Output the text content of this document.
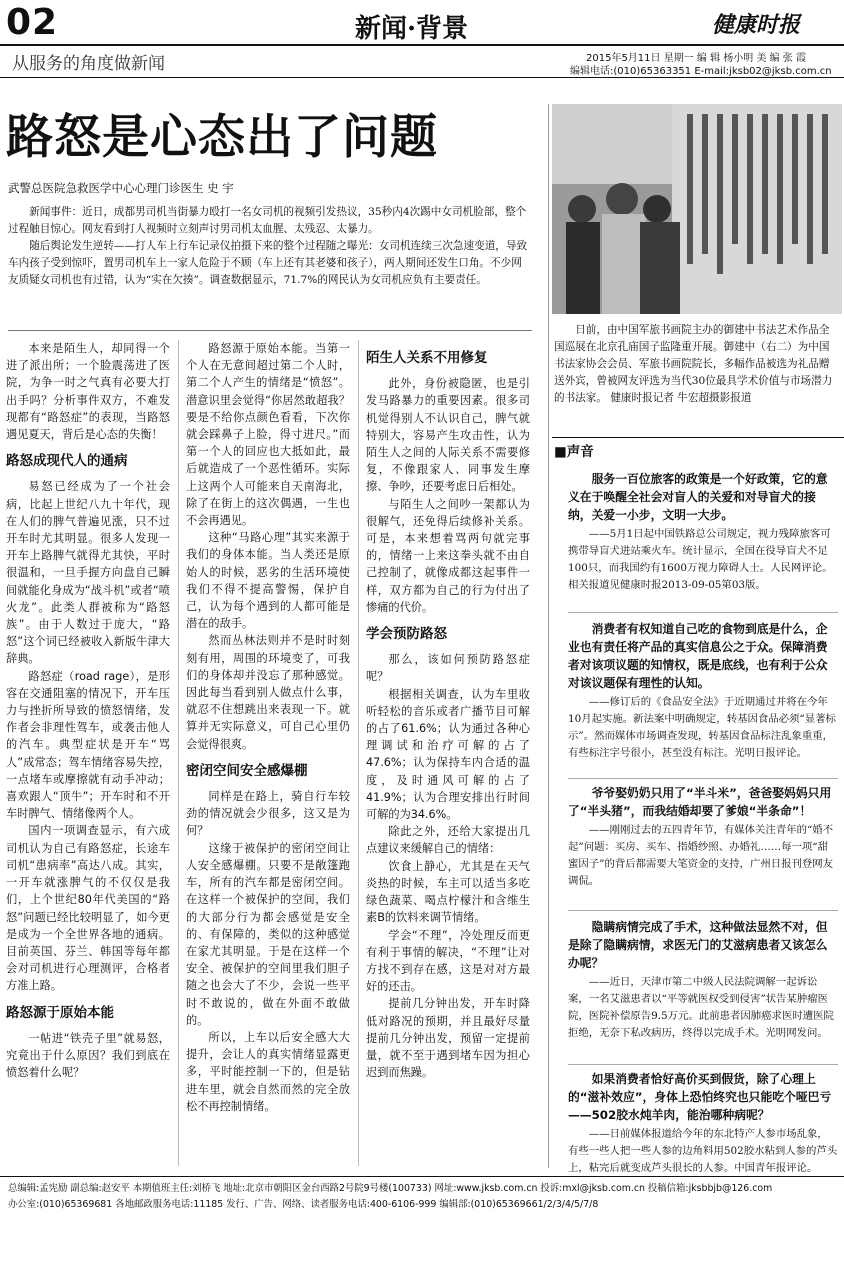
02	新闻·背景	健康时报
从服务的角度做新闻	2015年5月11日 星期一 编 辑 杨小明 美 编 张 霞
编辑电话:(010)65363351 E-mail:jksb02@jksb.com.cn
路怒是心态出了问题
武警总医院急救医学中心心理门诊医生 史 宇

新闻事件：近日，成都男司机当街暴力殴打一名女司机的视频引发热议，35秒内4次踢中女司机脸部，整个过程触目惊心。网友看到打人视频时立刻声讨男司机太血腥、太残忍、太暴力。

随后舆论发生逆转——打人车上行车记录仪拍摄下来的整个过程随之曝光：女司机连续三次急速变道，导致车内孩子受到惊吓，置男司机车上一家人危险于不顾（车上还有其老婆和孩子），两人期间还发生口角。不少网友质疑女司机也有过错，认为“实在欠揍”。调查数据显示，71.7%的网民认为女司机应负有主要责任。

本来是陌生人，却同得一个进了派出所；一个脸震荡进了医院，为争一时之气真有必要大打出手吗？分析事件双方，不难发现都有“路怒症”的表现，当路怒遇见夏天，背后是心态的失衡！

路怒成现代人的通病

易怒已经成为了一个社会病，比起上世纪八九十年代，现在人们的脾气普遍见涨，只不过开车时尤其明显。很多人发现一开车上路脾气就得尤其快，平时很温和，一旦手握方向盘自己瞬间就能化身成为“战斗机”或者“喷火龙”。此类人群被称为“路怒族”。由于人数过于庞大，“路怒”这个词已经被收入新版牛津大辞典。

路怒症（road rage），是形容在交通阻塞的情况下，开车压力与挫折所导致的愤怒情绪，发作者会非理性驾车，或袭击他人的汽车。典型症状是开车“骂人”成常态；驾车情绪容易失控，一点堵车或摩擦就有动手冲动；喜欢跟人“顶牛”；开车时和不开车时脾气、情绪像两个人。

国内一项调查显示，有六成司机认为自己有路怒症，长途车司机“患病率”高达八成。其实，一开车就涨脾气的不仅仅是我们，上个世纪80年代美国的“路怒”问题已经比较明显了，如今更是成为一个全世界各地的通病。目前英国、芬兰、韩国等每年都会对司机进行心理测评，合格者方准上路。

路怒源于原始本能

一帖进“铁壳子里”就易怒，究竟出于什么原因？我们到底在愤怒着什么呢？

路怒源于原始本能。当第一个人在无意间超过第二个人时，第二个人产生的情绪是“愤怒”。潜意识里会觉得“你居然敢超我？要是不给你点颜色看看，下次你就会踩鼻子上脸，得寸进尺。”而第一个人的回应也大抵如此，最后就造成了一个恶性循环。实际上这两个人可能来自天南海北，除了在街上的这次偶遇，一生也不会再遇见。

这种“马路心理”其实来源于我们的身体本能。当人类还是原始人的时候，恶劣的生活环境使我们不得不提高警惕，保护自己，认为每个遇到的人都可能是潜在的敌手。

然而丛林法则并不是时时刻刻有用，周围的环境变了，可我们的身体却并没忘了那种感觉。因此每当看到别人做点什么事，就忍不住想跳出来表现一下。就算并无实际意义，可自己心里仍会觉得很爽。

密闭空间安全感爆棚

同样是在路上，骑自行车较劲的情况就会少很多，这又是为何？

这缘于被保护的密闭空间让人安全感爆棚。只要不是敞篷跑车，所有的汽车都是密闭空间。在这样一个被保护的空间，我们的大部分行为都会感觉是安全的、有保障的，类似的这种感觉在家尤其明显。于是在这样一个安全、被保护的空间里我们胆子随之也会大了不少，会说一些平时不敢说的，做在外面不敢做的。

所以，上车以后安全感大大提升，会让人的真实情绪显露更多，平时能控制一下的，但是钻进车里，就会自然而然的完全放松不再控制情绪。

陌生人关系不用修复

此外，身份被隐匿，也是引发马路暴力的重要因素。很多司机觉得别人不认识自己，脾气就特别大，容易产生攻击性，认为陌生人之间的人际关系不需要修复，不像跟家人、同事发生摩擦、争吵，还要考虑日后相处。

与陌生人之间吵一架都认为很解气，还免得后续修补关系。可是，本来想着骂两句就完事的，情绪一上来这拳头就不由自己控制了，就像成都这起事件一样，双方都为自己的行为付出了惨痛的代价。

学会预防路怒

那么，该如何预防路怒症呢？

根据相关调查，认为车里收听轻松的音乐或者广播节目可解的占了61.6%；认为通过各种心理调试和治疗可解的占了47.6%；认为保持车内合适的温度，及时通风可解的占了41.9%；认为合理安排出行时间可解的为34.6%。

除此之外，还给大家提出几点建议来缓解自己的情绪：

饮食上静心，尤其是在天气炎热的时候，车主可以适当多吃绿色蔬菜、喝点柠檬汁和含维生素B的饮料来调节情绪。

学会“不理”，冷处理反而更有利于事情的解决，“不理”让对方找不到存在感，这是对对方最好的还击。

提前几分钟出发，开车时降低对路况的预期，并且最好尽量提前几分钟出发，预留一定提前量，就不至于遇到堵车因为担心迟到而焦躁。

日前，由中国军旅书画院主办的御建中书法艺术作品全国巡展在北京孔庙国子监隆重开展。御建中（右二）为中国书法家协会会员、军旅书画院院长，多幅作品被选为礼品赠送外宾，曾被网友评选为当代30位最具学术价值与市场潜力的书法家。 健康时报记者 牛宏超摄影报道
■声音

服务一百位旅客的政策是一个好政策，它的意义在于唤醒全社会对盲人的关爱和对导盲犬的接纳，关爱一小步，文明一大步。

——5月1日起中国铁路总公司规定，视力残障旅客可携带导盲犬进站乘火车。统计显示，全国在役导盲犬不足100只，而我国约有1600万视力障碍人士。人民网评论。相关报道见健康时报2013-09-05第03版。

消费者有权知道自己吃的食物到底是什么，企业也有责任将产品的真实信息公之于众。保障消费者对该项议题的知情权，既是底线，也有利于公众对该议题保有理性的认知。

——修订后的《食品安全法》于近期通过并将在今年10月起实施。新法案中明确规定，转基因食品必须“显著标示”。然而媒体市场调查发现，转基因食品标注乱象重重，有些标注字号很小，甚至没有标注。光明日报评论。

爷爷娶奶奶只用了“半斗米”，爸爸娶妈妈只用了“半头猪”，而我结婚却要了爹娘“半条命”！

——刚刚过去的五四青年节，有媒体关注青年的“婚不起”问题：买房、买车、指婚纱照、办婚礼……每一项“甜蜜因子”的背后都需要大笔资金的支持，广州日报刊登网友调侃。

隐瞒病情完成了手术，这种做法显然不对，但是除了隐瞒病情，求医无门的艾滋病患者又该怎么办呢？

——近日，天津市第二中级人民法院调解一起诉讼案，一名艾滋患者以“平等就医权受到侵害”状告某肿瘤医院，医院补偿原告9.5万元。此前患者因肺癌求医时遭医院拒绝，无奈下私改病历，终得以完成手术。光明网发问。

如果消费者恰好高价买到假货，除了心理上的“滋补效应”，身体上恐怕终究也只能吃个哑巴亏——502胶水炖羊肉，能治哪种病呢？

——日前媒体报道给今年的东北特产人参市场乱象，有些一些人把一些人参的边角料用502胶水粘到人参的芦头上，粘完后就变成芦头很长的人参。中国青年报评论。

总编辑:孟宪励 副总编:赵安平 本期值班主任:刘桥飞 地址:北京市朝阳区金台西路2号院9号楼(100733) 网址:www.jksb.com.cn 投诉:mxl@jksb.com.cn 投稿信箱:jksbbjb@126.com
办公室:(010)65369681 各地邮政服务电话:11185 发行、广告、网络、读者服务电话:400-6106-999 编辑部:(010)65369661/2/3/4/5/7/8
